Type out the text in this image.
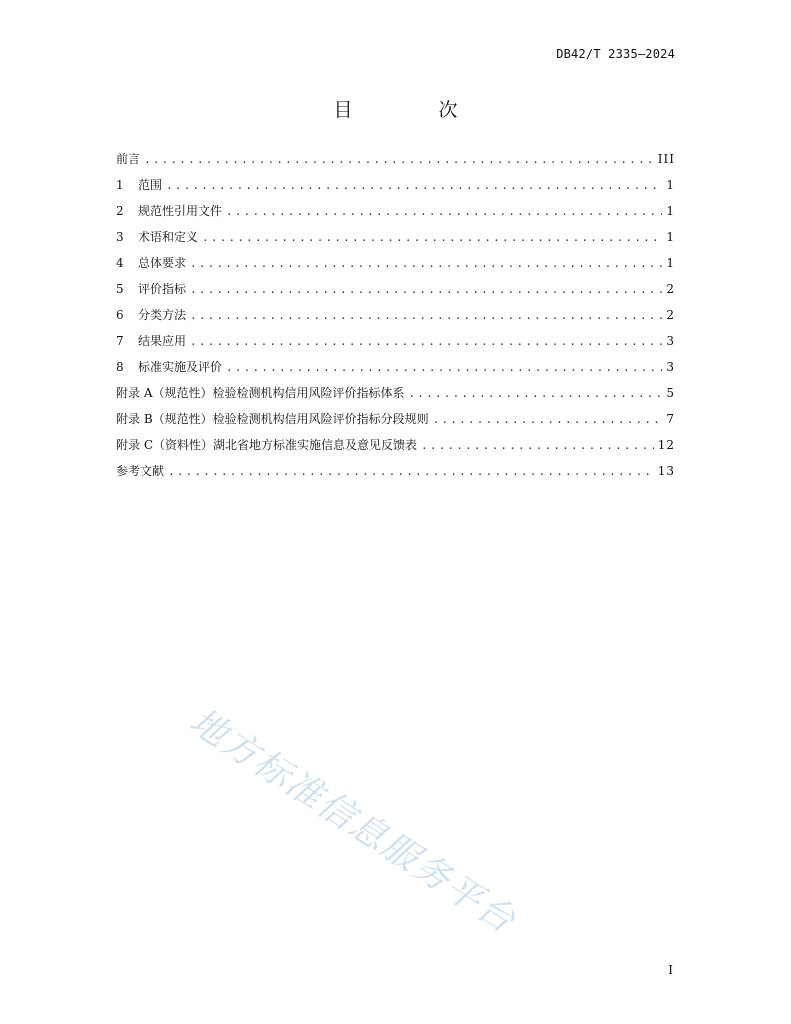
DB42/T 2335—2024
目 次
前言 .....	III
1 范围 .....	1
2 规范性引用文件 .....	1
3 术语和定义 .....	1
4 总体要求 .....	1
5 评价指标 .....	2
6 分类方法 .....	2
7 结果应用 .....	3
8 标准实施及评价 .....	3
附录 A（规范性）检验检测机构信用风险评价指标体系 .....	5
附录 B（规范性）检验检测机构信用风险评价指标分段规则 .....	7
附录 C（资料性）湖北省地方标准实施信息及意见反馈表 .....	12
参考文献 .....	13
地方标准信息服务平台
I
